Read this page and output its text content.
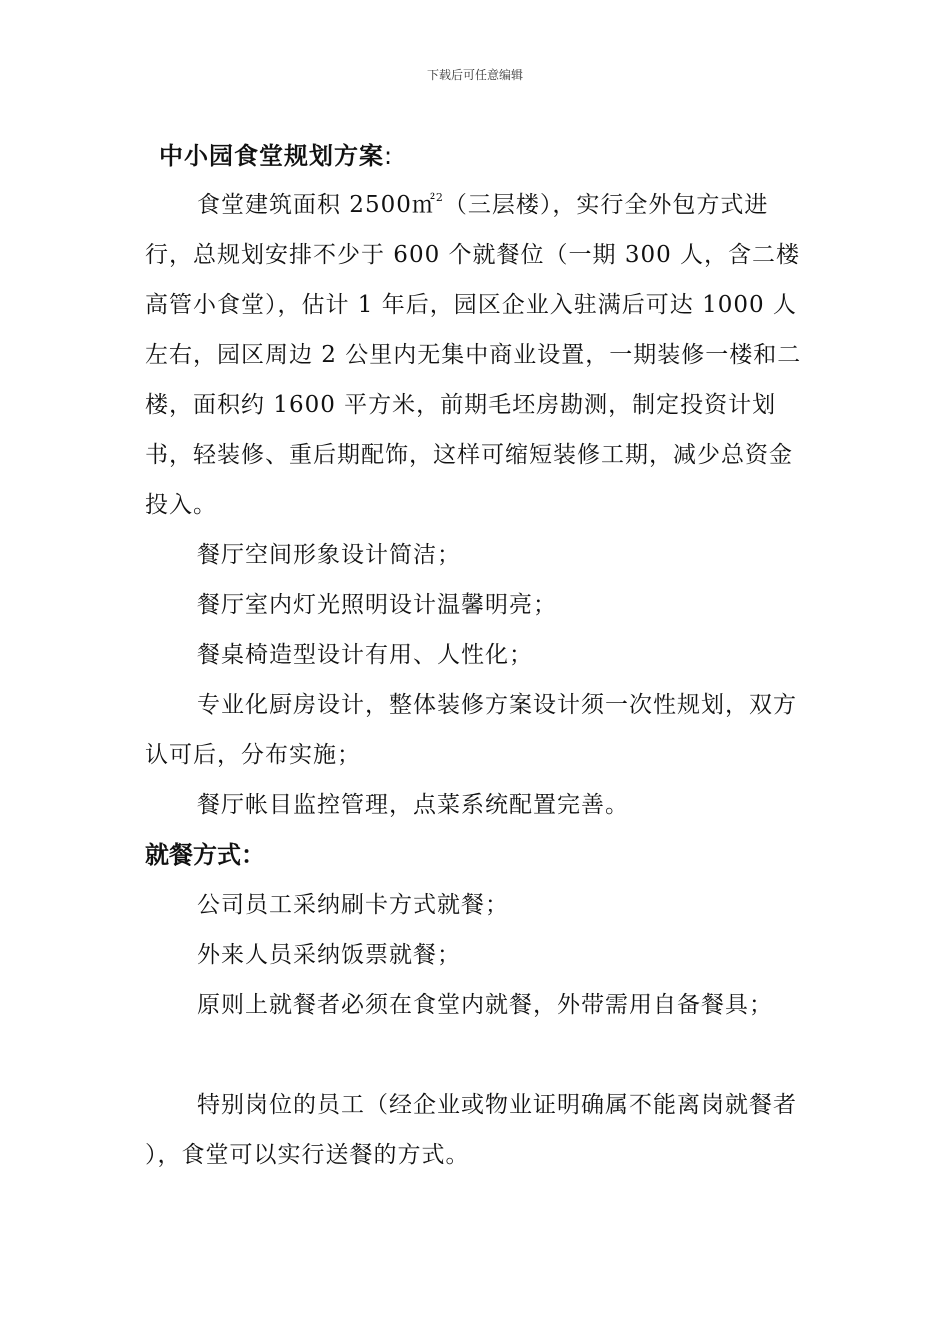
下载后可任意编辑
中小园食堂规划方案:

食堂建筑面积 2500㎡$^2$（三层楼），实行全外包方式进行，总规划安排不少于 600 个就餐位（一期 300 人，含二楼高管小食堂），估计 1 年后，园区企业入驻满后可达 1000 人左右，园区周边 2 公里内无集中商业设置，一期装修一楼和二楼，面积约 1600 平方米，前期毛坯房勘测，制定投资计划书，轻装修、重后期配饰，这样可缩短装修工期，减少总资金投入。

餐厅空间形象设计简洁；

餐厅室内灯光照明设计温馨明亮；

餐桌椅造型设计有用、人性化；

专业化厨房设计，整体装修方案设计须一次性规划，双方认可后，分布实施；

餐厅帐目监控管理，点菜系统配置完善。

就餐方式：

公司员工采纳刷卡方式就餐；

外来人员采纳饭票就餐；

原则上就餐者必须在食堂内就餐，外带需用自备餐具；

特别岗位的员工（经企业或物业证明确属不能离岗就餐者 ），食堂可以实行送餐的方式。
